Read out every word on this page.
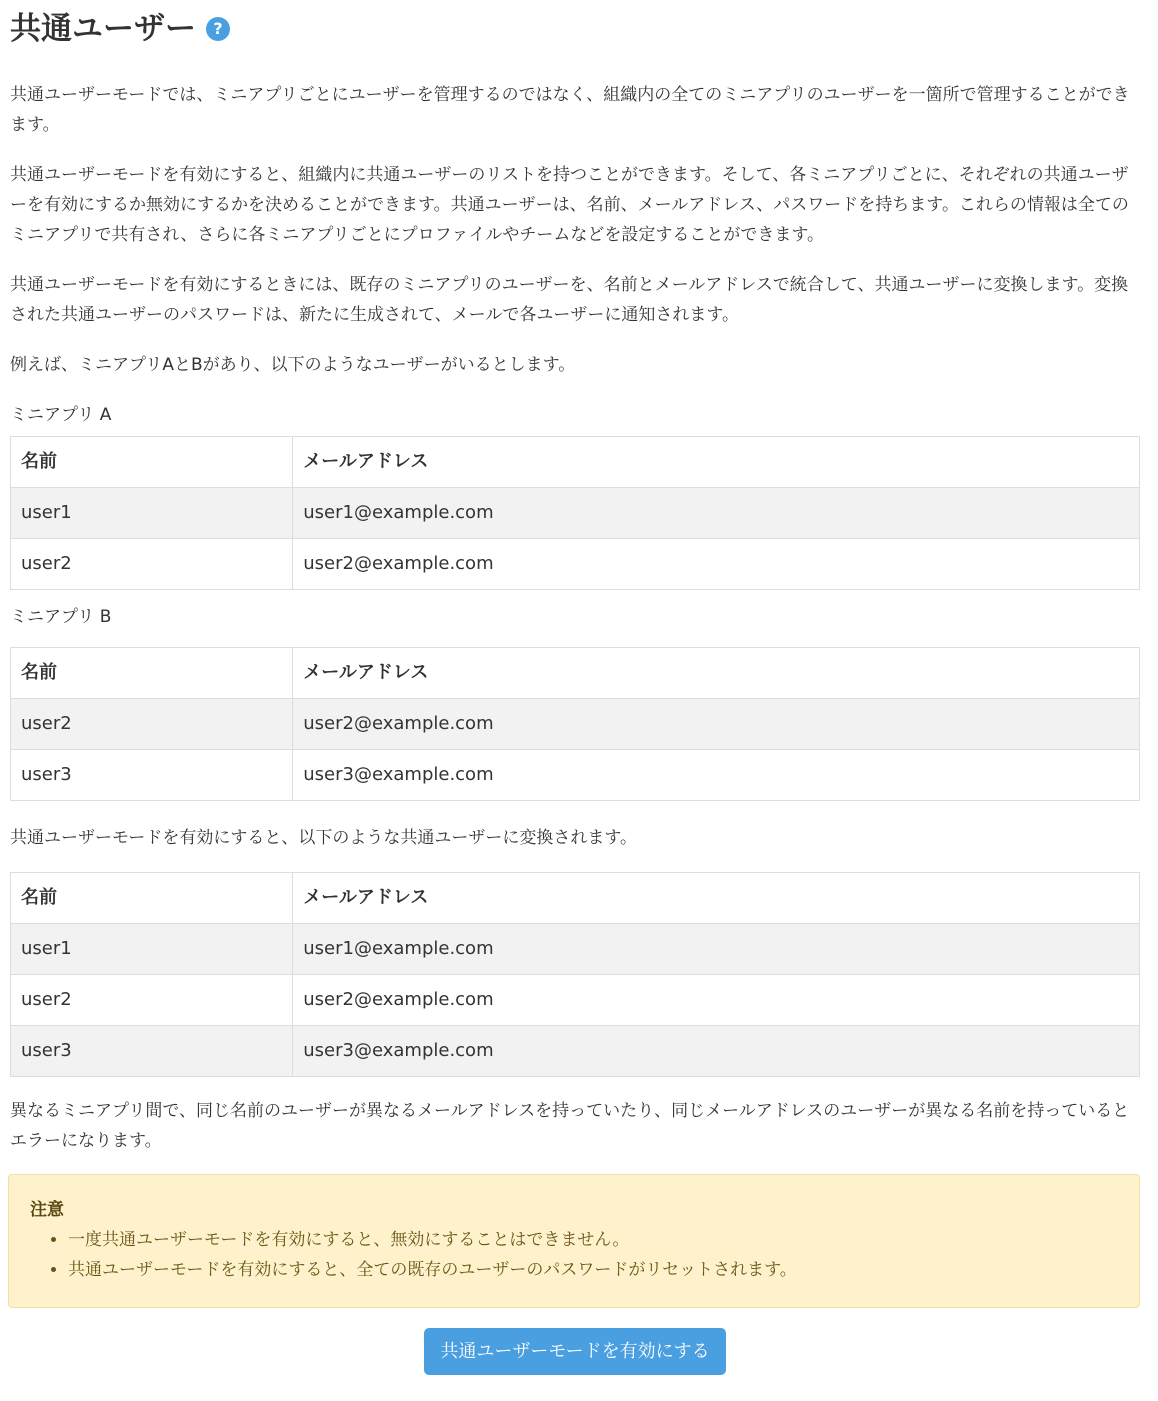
共通ユーザー	?

共通ユーザーモードでは、ミニアプリごとにユーザーを管理するのではなく、組織内の全てのミニアプリのユーザーを一箇所で管理することができます。

共通ユーザーモードを有効にすると、組織内に共通ユーザーのリストを持つことができます。そして、各ミニアプリごとに、それぞれの共通ユーザーを有効にするか無効にするかを決めることができます。共通ユーザーは、名前、メールアドレス、パスワードを持ちます。これらの情報は全てのミニアプリで共有され、さらに各ミニアプリごとにプロファイルやチームなどを設定することができます。

共通ユーザーモードを有効にするときには、既存のミニアプリのユーザーを、名前とメールアドレスで統合して、共通ユーザーに変換します。変換された共通ユーザーのパスワードは、新たに生成されて、メールで各ユーザーに通知されます。

例えば、ミニアプリAとBがあり、以下のようなユーザーがいるとします。

ミニアプリ A

名前	メールアドレス
user1	user1@example.com
user2	user2@example.com

ミニアプリ B

名前	メールアドレス
user2	user2@example.com
user3	user3@example.com

共通ユーザーモードを有効にすると、以下のような共通ユーザーに変換されます。

名前	メールアドレス
user1	user1@example.com
user2	user2@example.com
user3	user3@example.com

異なるミニアプリ間で、同じ名前のユーザーが異なるメールアドレスを持っていたり、同じメールアドレスのユーザーが異なる名前を持っているとエラーになります。

注意
• 一度共通ユーザーモードを有効にすると、無効にすることはできません。
• 共通ユーザーモードを有効にすると、全ての既存のユーザーのパスワードがリセットされます。
共通ユーザーモードを有効にする
